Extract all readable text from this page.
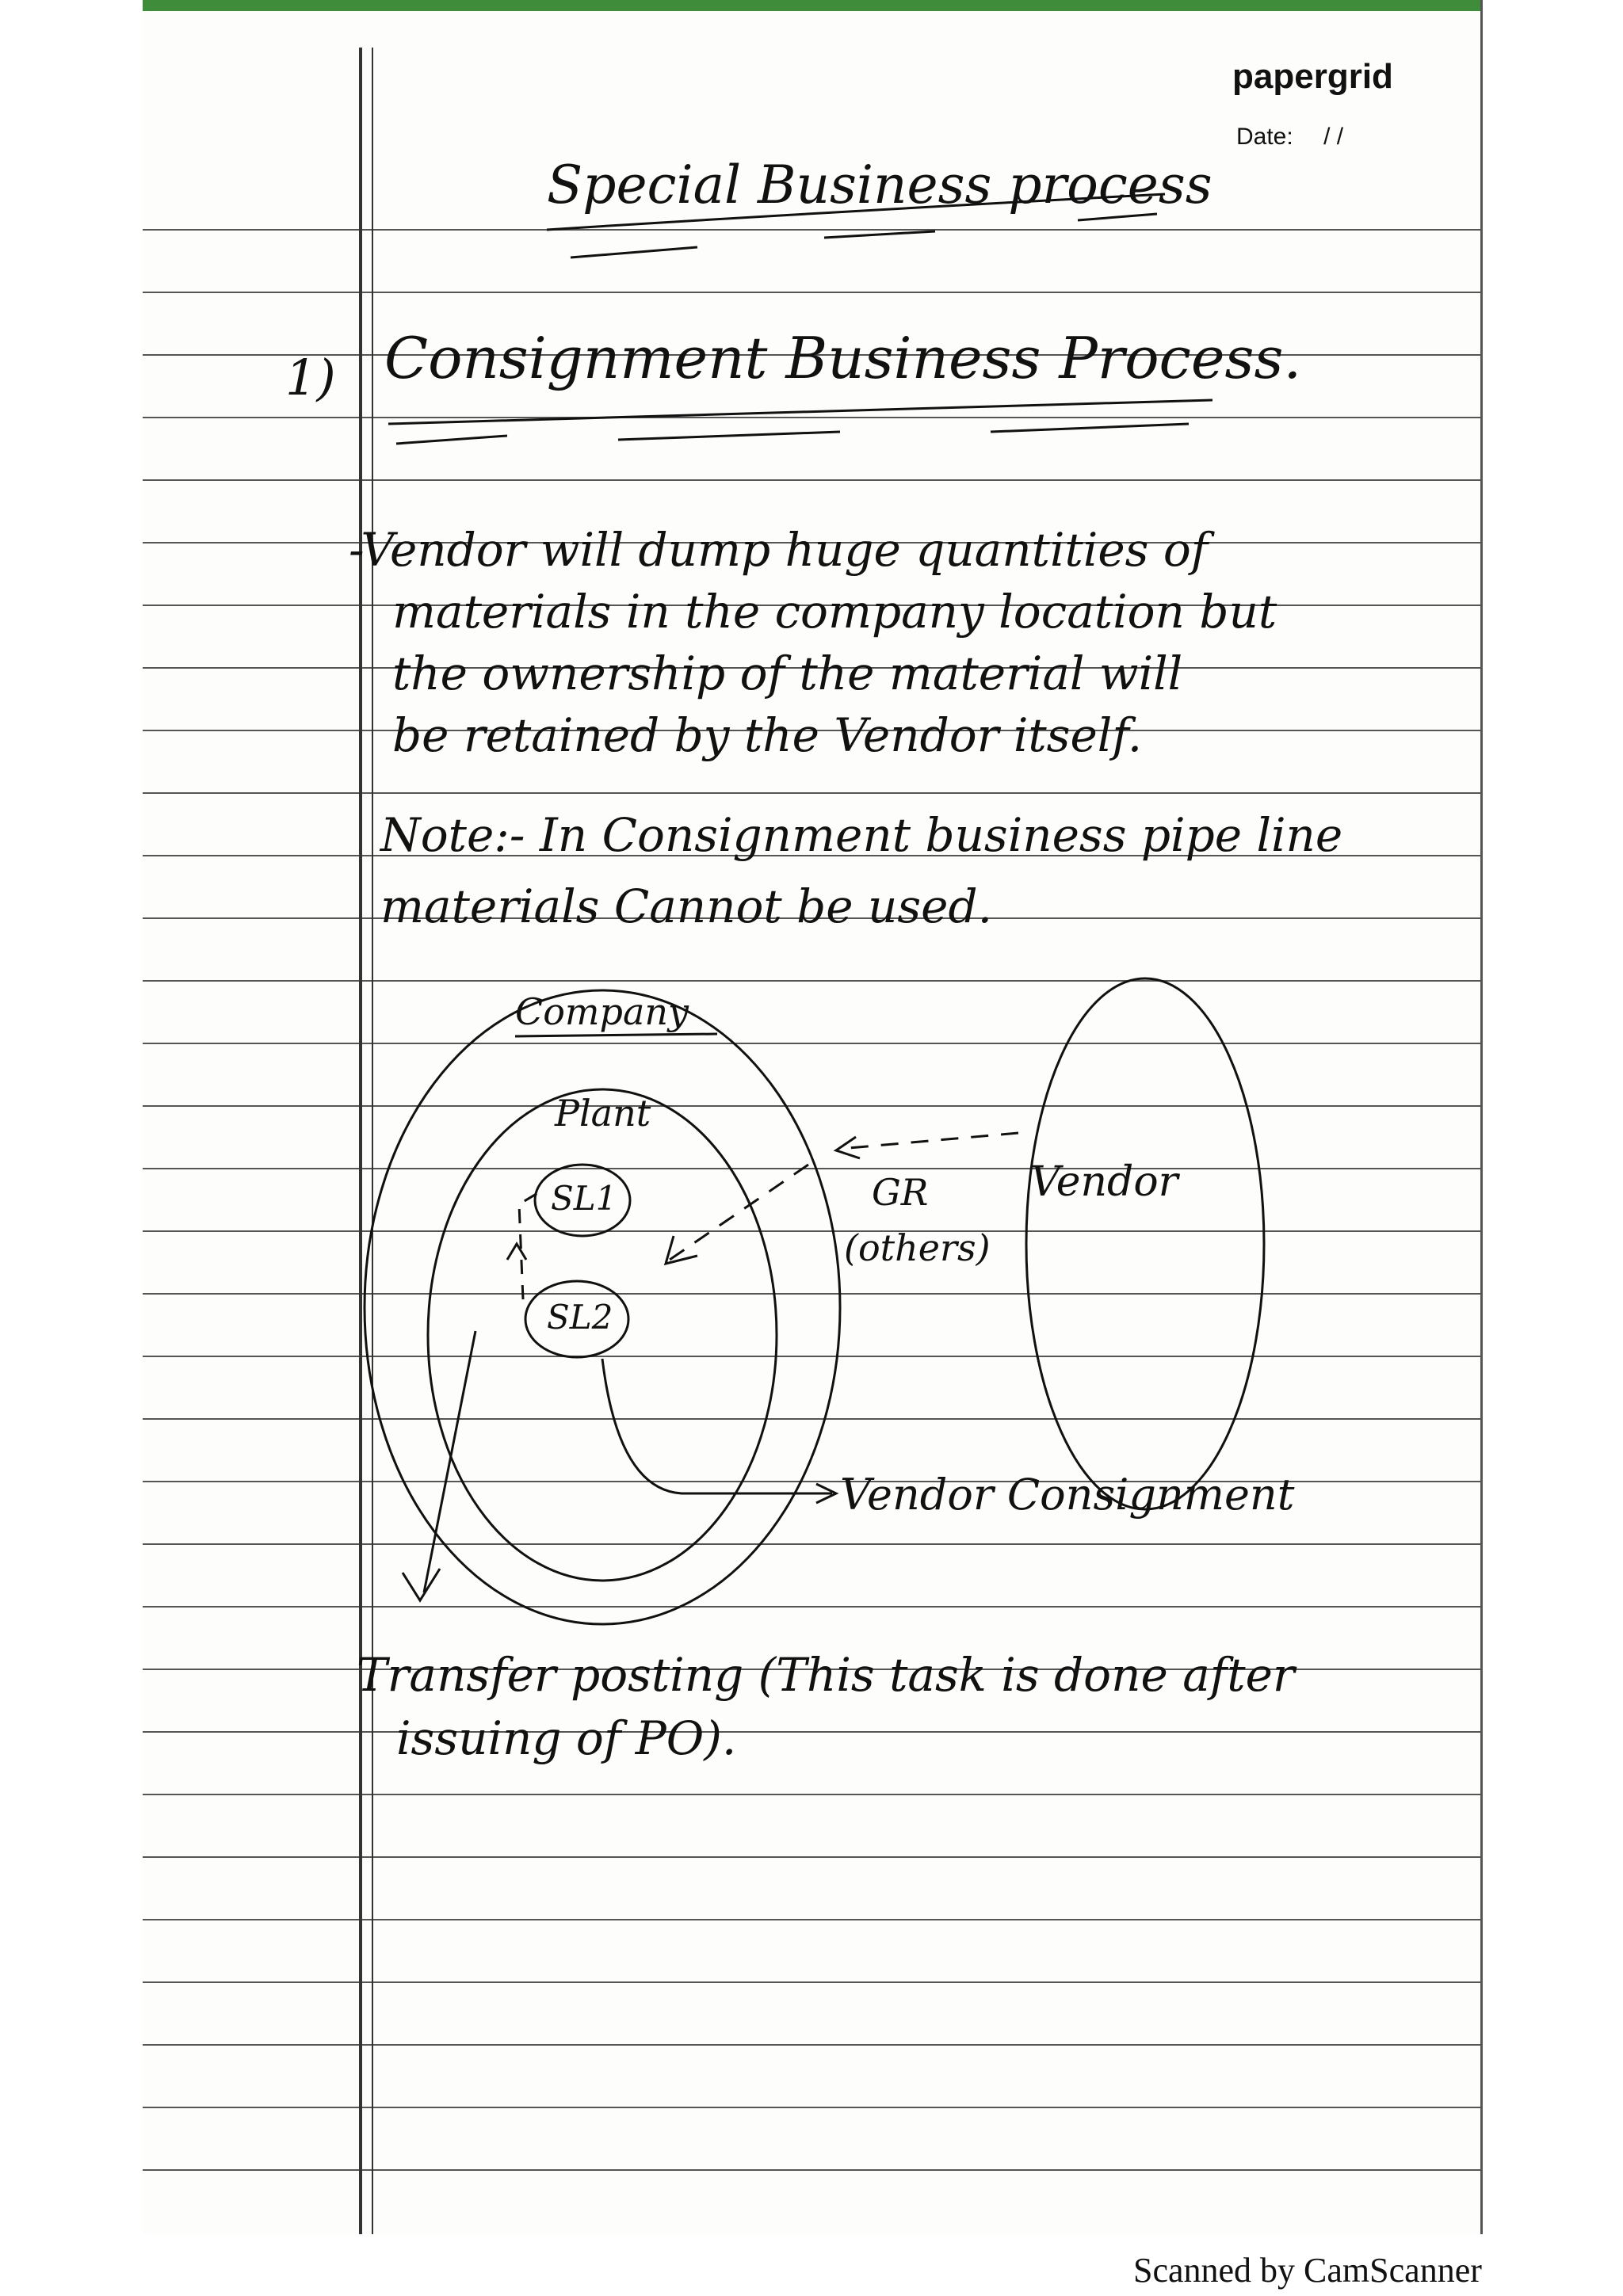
papergrid
Date: / /
Special Business process
1) Consignment Business Process.
-Vendor will dump huge quantities of
materials in the company location but
the ownership of the material will
be retained by the Vendor itself.
Note:- In Consignment business pipe line
materials Cannot be used.
Company
Plant
SL1
SL2
GR
(others)
Vendor
Vendor Consignment
Transfer posting (This task is done after
issuing of PO).
Scanned by CamScanner
